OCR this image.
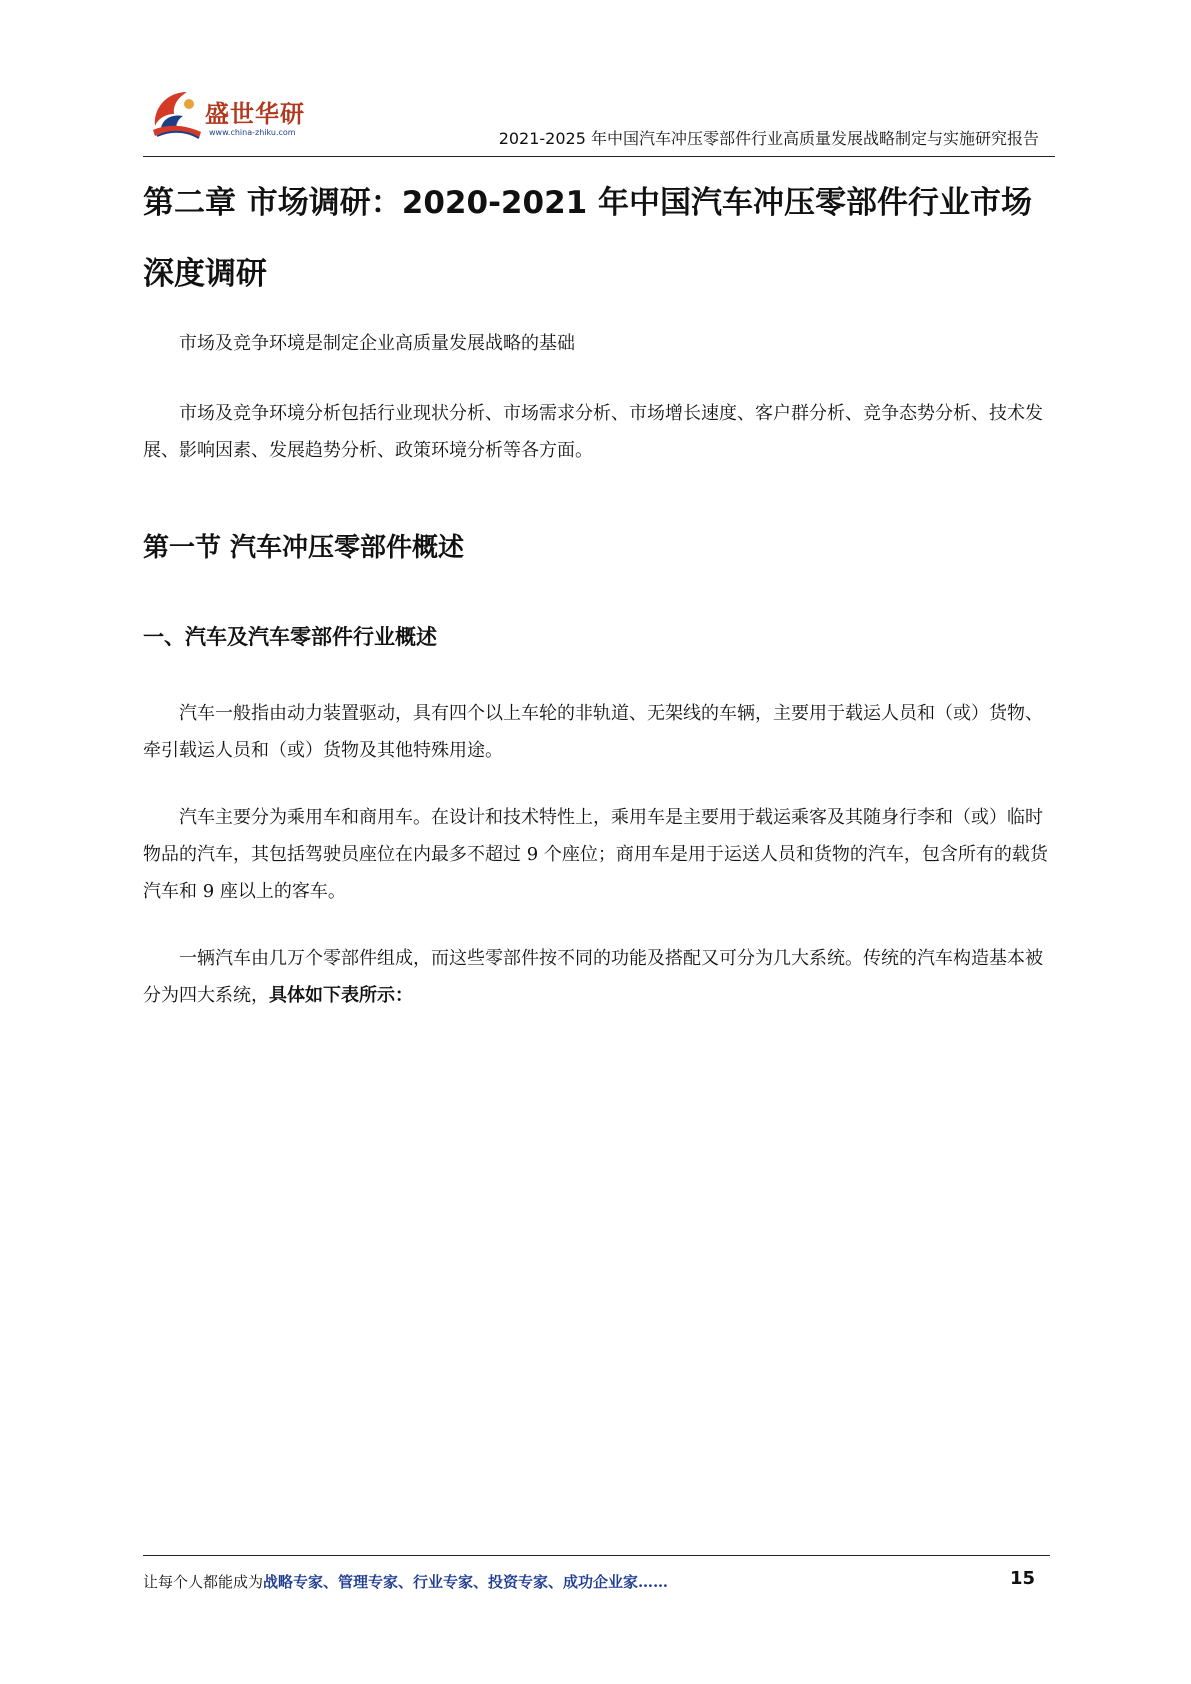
盛世华研
www.china-zhiku.com	2021-2025 年中国汽车冲压零部件行业高质量发展战略制定与实施研究报告
第二章 市场调研：2020-2021 年中国汽车冲压零部件行业市场
深度调研

市场及竞争环境是制定企业高质量发展战略的基础

市场及竞争环境分析包括行业现状分析、市场需求分析、市场增长速度、客户群分析、竞争态势分析、技术发展、影响因素、发展趋势分析、政策环境分析等各方面。

第一节 汽车冲压零部件概述
一、汽车及汽车零部件行业概述

汽车一般指由动力装置驱动，具有四个以上车轮的非轨道、无架线的车辆，主要用于载运人员和（或）货物、牵引载运人员和（或）货物及其他特殊用途。

汽车主要分为乘用车和商用车。在设计和技术特性上，乘用车是主要用于载运乘客及其随身行李和（或）临时物品的汽车，其包括驾驶员座位在内最多不超过 9 个座位；商用车是用于运送人员和货物的汽车，包含所有的载货汽车和 9 座以上的客车。

一辆汽车由几万个零部件组成，而这些零部件按不同的功能及搭配又可分为几大系统。传统的汽车构造基本被分为四大系统，具体如下表所示：

让每个人都能成为战略专家、管理专家、行业专家、投资专家、成功企业家……	15
